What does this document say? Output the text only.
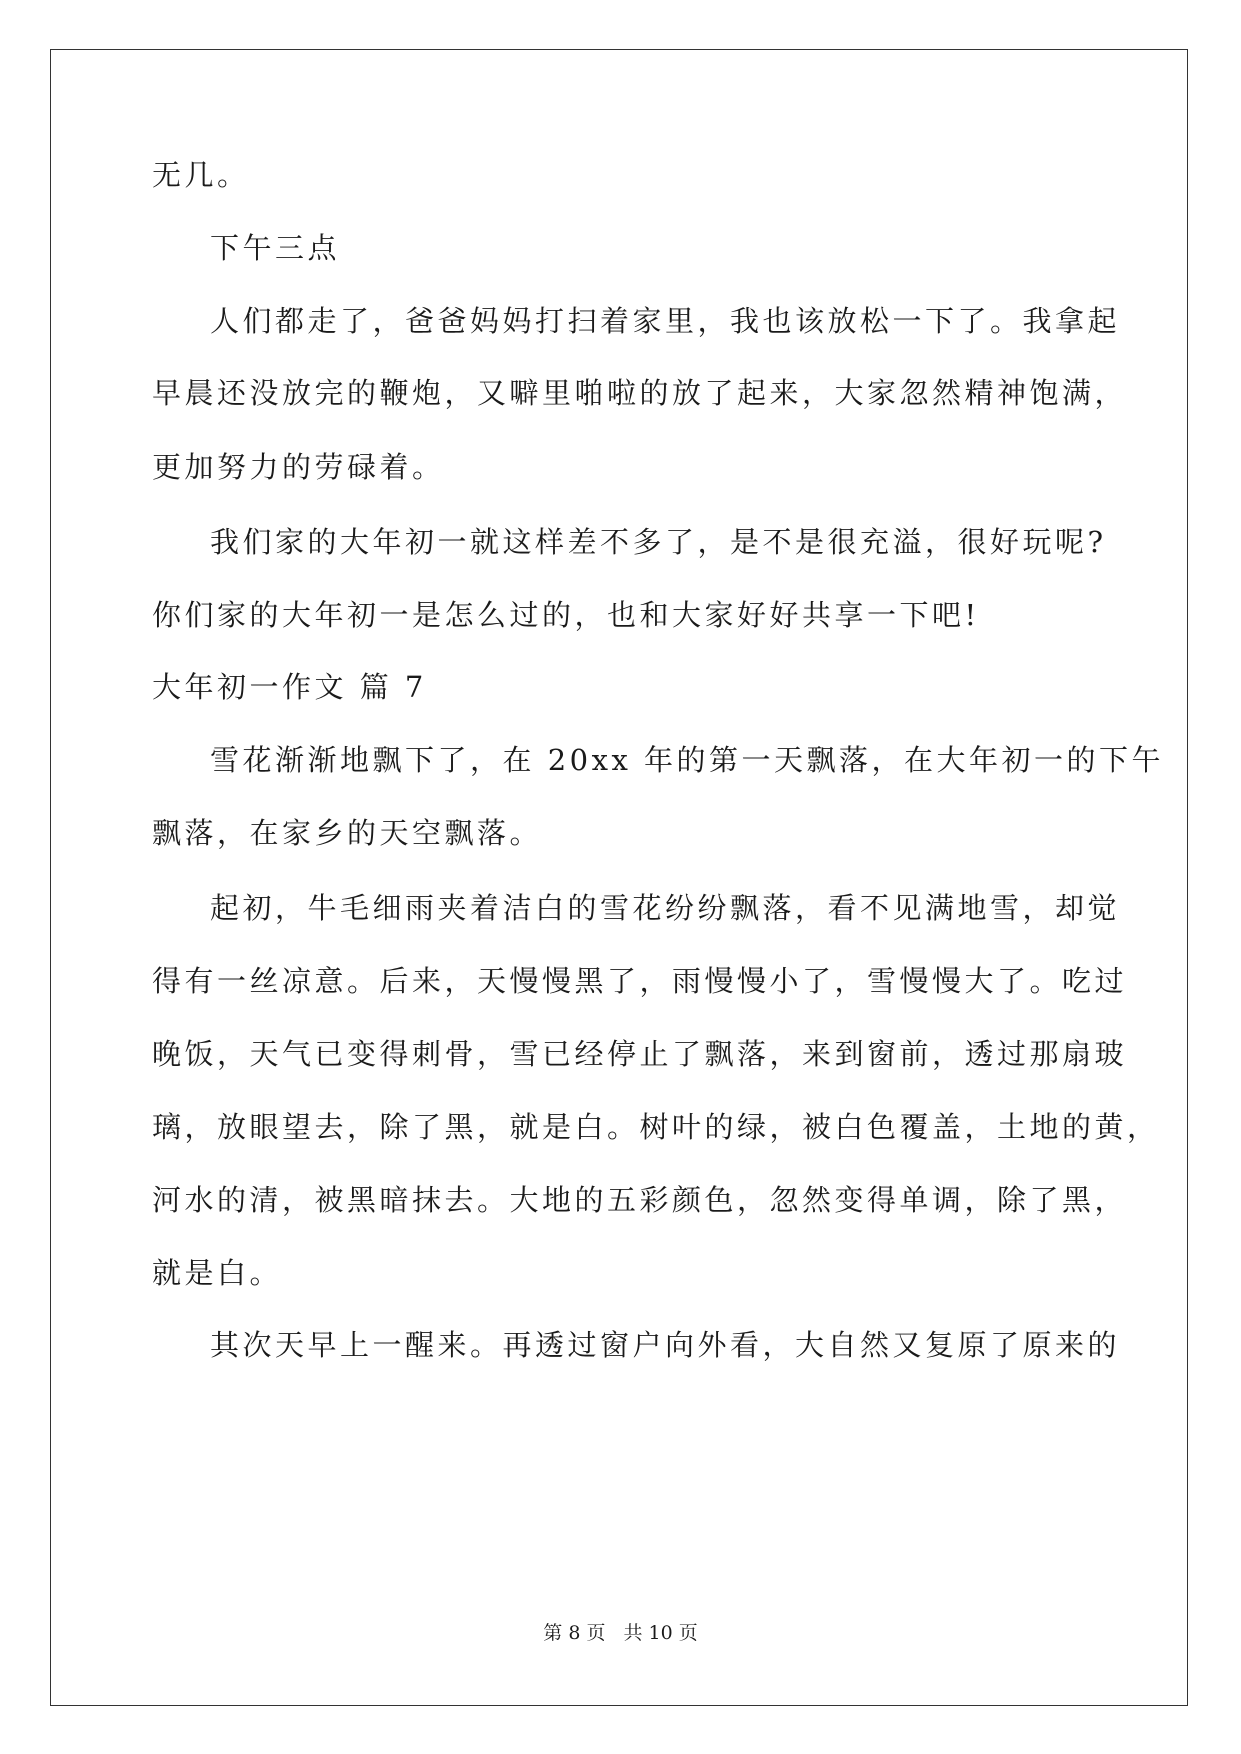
无几。
下午三点
人们都走了，爸爸妈妈打扫着家里，我也该放松一下了。我拿起
早晨还没放完的鞭炮，又噼里啪啦的放了起来，大家忽然精神饱满，
更加努力的劳碌着。
我们家的大年初一就这样差不多了，是不是很充溢，很好玩呢?
你们家的大年初一是怎么过的，也和大家好好共享一下吧!
大年初一作文 篇 7
雪花渐渐地飘下了，在 20xx 年的第一天飘落，在大年初一的下午
飘落，在家乡的天空飘落。
起初，牛毛细雨夹着洁白的雪花纷纷飘落，看不见满地雪，却觉
得有一丝凉意。后来，天慢慢黑了，雨慢慢小了，雪慢慢大了。吃过
晚饭，天气已变得刺骨，雪已经停止了飘落，来到窗前，透过那扇玻
璃，放眼望去，除了黑，就是白。树叶的绿，被白色覆盖，土地的黄，
河水的清，被黑暗抹去。大地的五彩颜色，忽然变得单调，除了黑，
就是白。
其次天早上一醒来。再透过窗户向外看，大自然又复原了原来的
第 8 页 共 10 页
